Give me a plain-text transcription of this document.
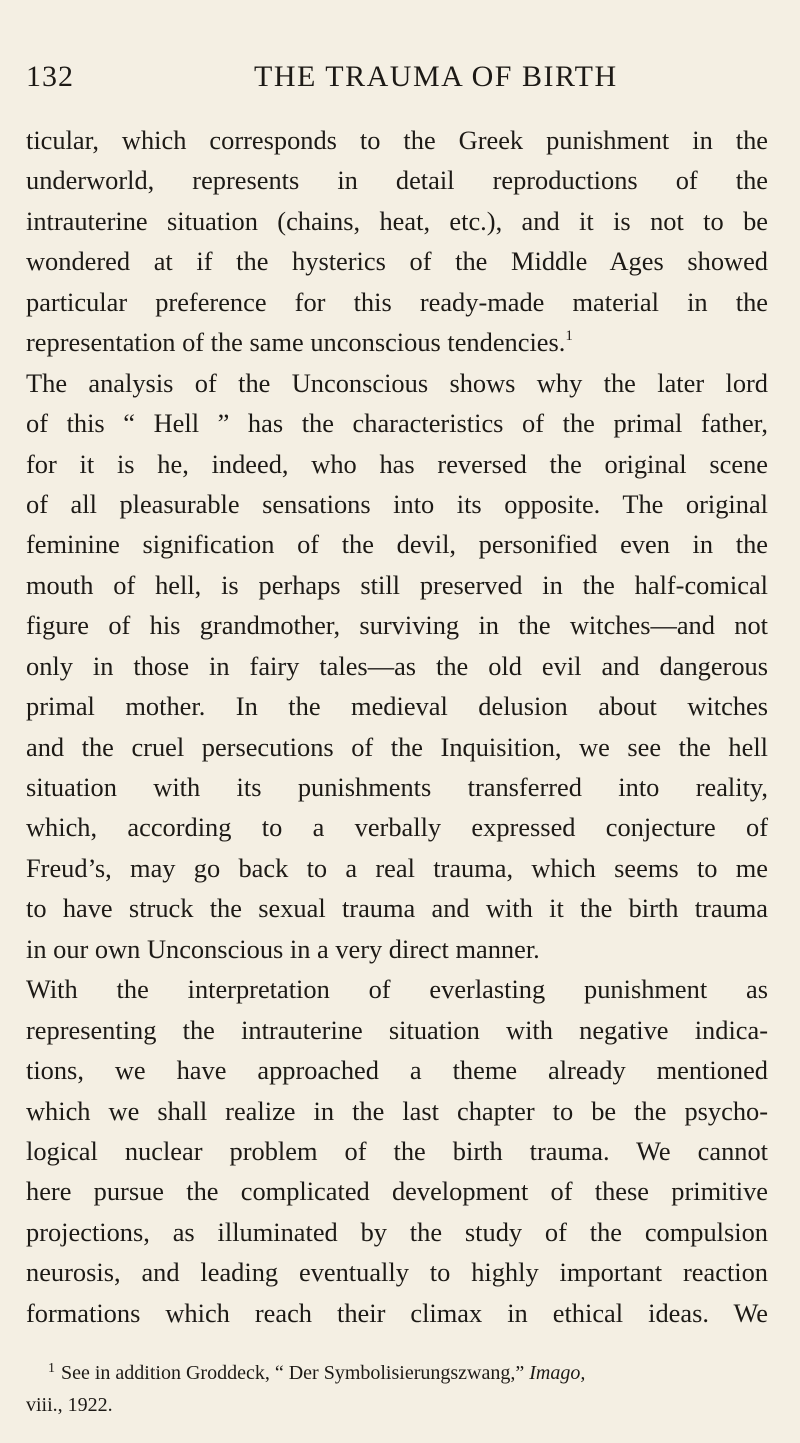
132	THE TRAUMA OF BIRTH
ticular, which corresponds to the Greek punishment in the
underworld, represents in detail reproductions of the
intrauterine situation (chains, heat, etc.), and it is not to be
wondered at if the hysterics of the Middle Ages showed
particular preference for this ready-made material in the
representation of the same unconscious tendencies.$^1$
The analysis of the Unconscious shows why the later lord
of this “ Hell ” has the characteristics of the primal father,
for it is he, indeed, who has reversed the original scene
of all pleasurable sensations into its opposite. The original
feminine signification of the devil, personified even in the
mouth of hell, is perhaps still preserved in the half-comical
figure of his grandmother, surviving in the witches—and not
only in those in fairy tales—as the old evil and dangerous
primal mother. In the medieval delusion about witches
and the cruel persecutions of the Inquisition, we see the hell
situation with its punishments transferred into reality,
which, according to a verbally expressed conjecture of
Freud’s, may go back to a real trauma, which seems to me
to have struck the sexual trauma and with it the birth trauma
in our own Unconscious in a very direct manner.
With the interpretation of everlasting punishment as
representing the intrauterine situation with negative indica-
tions, we have approached a theme already mentioned
which we shall realize in the last chapter to be the psycho-
logical nuclear problem of the birth trauma. We cannot
here pursue the complicated development of these primitive
projections, as illuminated by the study of the compulsion
neurosis, and leading eventually to highly important reaction
formations which reach their climax in ethical ideas. We
$^1$ See in addition Groddeck, “ Der Symbolisierungszwang,” Imago,
viii., 1922.
